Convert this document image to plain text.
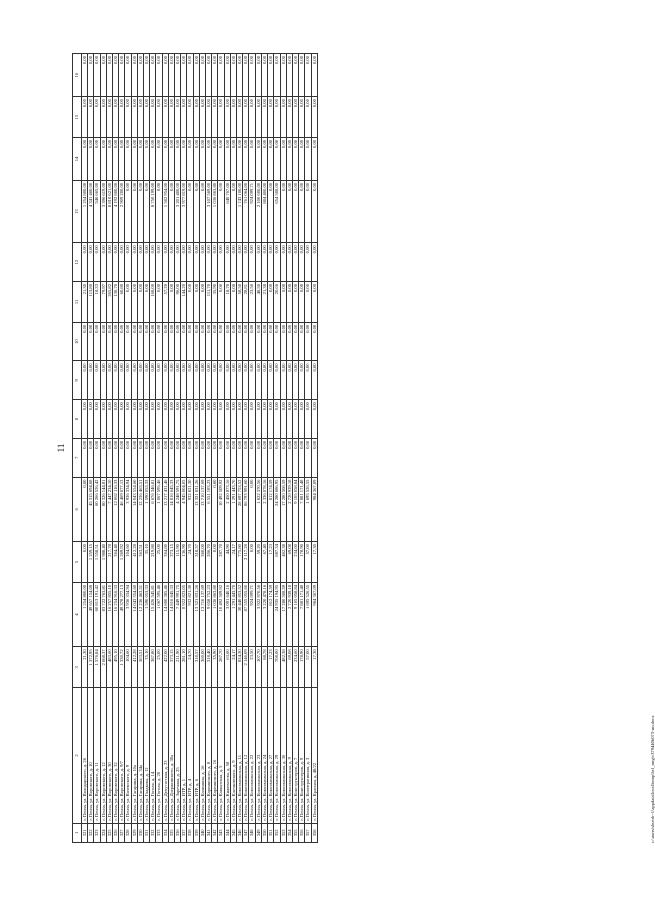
11
1	2	3	4	5	6	7	8	9	10	11	12	13	14	15	16
321	г. Пенза, ул. Володарского, д. 26	21,30	1 254 800,00	0,00	0,00	0,00	0,00	0,00	0,00	21,30	0,00	1 254 800,00	0,00	0,00	0,00
322	г. Пенза, ул. Воровского, д. 10	1 372,95	49 657 154,08	1 259,15	45 315 694,08	0,00	0,00	0,00	0,00	113,80	0,00	4 341 460,00	0,00	0,00	0,00
323	г. Пенза, ул. Воровского, д. 11	1 576,84	60 813 191,42	1 558,51	60 266 526,42	0,00	0,00	0,00	0,00	18,33	0,00	546 665,00	0,00	0,00	0,00
324	г. Пенза, ул. Воровского, д. 12	2 068,37	83 722 763,81	1 988,40	80 326 144,81	0,00	0,00	0,00	0,00	79,97	0,00	3 396 619,00	0,00	0,00	0,00
325	г. Пенза, ул. Воровского, д. 30	483,60	16 257 855,10	217,78	7 447 234,10	0,00	0,00	0,00	0,00	265,82	0,00	8 810 621,00	0,00	0,00	0,00
326	г. Пенза, ул. Воровского, д. 32	495,10	16 254 916,33	364,40	12 062 116,33	0,00	0,00	0,00	0,00	130,70	0,00	4 192 800,00	0,00	0,00	0,00
327	г. Пенза, ул. Воровского, д. 9/7	1 330,72	49 378 277,13	1 269,92	46 469 077,13	0,00	0,00	0,00	0,00	60,80	0,00	2 909 200,00	0,00	0,00	0,00
328	г. Пенза, ул. Вяземского, д. 9	104,60	3 936 334,94	104,60	3 936 334,94	0,00	0,00	0,00	0,00	0,00	0,00	0,00	0,00	0,00	0,00
329	г. Пенза, ул. Гагарина, д. 10а	412,28	14 043 554,60	412,28	14 043 554,60	0,00	0,00	0,00	0,00	0,00	0,00	0,00	0,00	0,00	0,00
330	г. Пенза, ул. Гагарина, д. 34а	363,51	12 236 463,51	363,51	12 236 463,51	0,00	0,00	0,00	0,00	0,00	0,00	0,00	0,00	0,00	0,00
331	г. Пенза, ул. Гладкова, д. 12	35,10	1 590 053,33	35,10	1 590 053,33	0,00	0,00	0,00	0,00	0,00	0,00	0,00	0,00	0,00	0,00
332	г. Пенза, ул. Гоголя, д. 14	387,80	15 426 545,81	219,80	6 676 346,81	0,00	0,00	0,00	0,00	168,00	0,00	8 750 199,00	0,00	0,00	0,00
333	г. Пенза, ул. Гоголя, д. 20	25,00	1 067 595,46	25,00	1 067 595,46	0,00	0,00	0,00	0,00	0,00	0,00	0,00	0,00	0,00	0,00
334	г. Пенза, ул. Депутатская, д. 23	422,00	14 800 385,46	364,80	13 217 431,46	0,00	0,00	0,00	0,00	57,20	0,00	1 582 954,00	0,00	0,00	0,00
335	г. Пенза, ул. Дзержинского, д. 30а	373,15	14 816 645,33	373,15	14 816 645,33	0,00	0,00	0,00	0,00	0,00	0,00	0,00	0,00	0,00	0,00
336	г. Пенза, ул. Заречная, д. 25	211,90	7 449 991,75	115,90	4 248 591,75	0,00	0,00	0,00	0,00	96,00	0,00	3 201 400,00	0,00	0,00	0,00
337	г. Пенза, ул. ИТР, д. 1	281,10	8 922 823,05	136,90	4 945 004,05	0,00	0,00	0,00	0,00	144,20	0,00	3 977 819,00	0,00	0,00	0,00
338	г. Пенза, ул. ИТР, д. 4	24,70	932 821,30	24,70	932 821,30	0,00	0,00	0,00	0,00	0,00	0,00	0,00	0,00	0,00	0,00
339	г. Пенза, ул. ИТР, д. 6	318,57	13 321 831,26	318,57	13 321 831,26	0,00	0,00	0,00	0,00	0,00	0,00	0,00	0,00	0,00	0,00
340	г. Пенза, ул. Калинина, д. 16	360,00	13 710 137,69	360,00	13 710 137,69	0,00	0,00	0,00	0,00	0,00	0,00	0,00	0,00	0,00	0,00
341	г. Пенза, ул. Карпинского, д. 8	318,40	9 658 752,23	206,70	6 551 183,23	0,00	0,00	0,00	0,00	111,70	0,00	3 107 569,00	0,00	0,00	0,00
342	г. Пенза, ул. Карпинского, д. 16	35,90	1 036 863,80	0,00	0,00	0,00	0,00	0,00	0,00	35,90	0,00	1 036 863,80	0,00	0,00	0,00
343	г. Пенза, ул. Кавказская, д. 5	287,70	10 492 509,92	287,70	10 492 509,92	0,00	0,00	0,00	0,00	0,00	0,00	0,00	0,00	0,00	0,00
344	г. Пенза, ул. Кижеватова, д. 58	63,60	3 091 640,16	44,90	2 450 873,16	0,00	0,00	0,00	0,00	18,70	0,00	640 767,00	0,00	0,00	0,00
345	г. Пенза, ул. Клочковского, д. 9	24,17	1 291 443,70	24,17	1 291 443,70	0,00	0,00	0,00	0,00	0,00	0,00	0,00	0,00	0,00	0,00
346	г. Пенза, ул. Комсомольская, д. 11	834,30	30 440 853,52	775,80	28 697 753,52	0,00	0,00	0,00	0,00	58,50	0,00	1 743 100,00	0,00	0,00	0,00
347	г. Пенза, ул. Комсомольская, д. 12	2 146,09	87 555 055,60	2 117,28	86 793 991,60	0,00	0,00	0,00	0,00	28,81	0,00	761 064,00	0,00	0,00	0,00
348	г. Пенза, ул. Комсомольская, д. 22	23,50	924 099,71	0,00	0,00	0,00	0,00	0,00	0,00	23,50	0,00	924 099,71	0,00	0,00	0,00
349	г. Пенза, ул. Комсомольская, д. 23	107,70	3 922 970,56	59,20	1 822 370,56	0,00	0,00	0,00	0,00	48,50	0,00	2 100 600,00	0,00	0,00	0,00
350	г. Пенза, ул. Комсомольская, д. 24	88,78	3 220 478,16	67,40	2 336 078,16	0,00	0,00	0,00	0,00	21,38	0,00	884 400,00	0,00	0,00	0,00
351	г. Пенза, ул. Комсомольская, д. 27	17,23	812 174,59	17,23	812 174,59	0,00	0,00	0,00	0,00	0,00	0,00	0,00	0,00	0,00	0,00
352	г. Пенза, ул. Комсомольская, д. 29	708,00	24 935 194,95	687,34	24 280 686,95	0,00	0,00	0,00	0,00	20,66	0,00	654 508,00	0,00	0,00	0,00
353	г. Пенза, ул. Комсомольская, д. 36	482,38	17 280 508,59	482,38	17 280 508,59	0,00	0,00	0,00	0,00	0,00	0,00	0,00	0,00	0,00	0,00
354	г. Пенза, ул. Комсомольская, д. 9	69,08	2 720 939,18	69,08	2 720 939,18	0,00	0,00	0,00	0,00	0,00	0,00	0,00	0,00	0,00	0,00
355	г. Пенза, ул. Конструкторов, д. 7	234,60	9 105 058,84	234,60	9 105 058,84	0,00	0,00	0,00	0,00	0,00	0,00	0,00	0,00	0,00	0,00
356	г. Пенза, ул. Конструкторов, д. 9	178,90	7 881 171,48	178,90	7 881 171,48	0,00	0,00	0,00	0,00	0,00	0,00	0,00	0,00	0,00	0,00
357	г. Пенза, ул. Кооперативная, д. 3	57,00	1 695 526,55	57,00	1 695 526,55	0,00	0,00	0,00	0,00	0,00	0,00	0,00	0,00	0,00	0,00
358	г. Пенза, ул. Красная, д. 48/22	17,30	984 367,09	17,30	984 367,09	0,00	0,00	0,00	0,00	0,00	0,00	0,00	0,00	0,00	0,00
c:\users\shcerb~1\appdata\local\temp\bcl_mrg\c379440b073-нп.docx
